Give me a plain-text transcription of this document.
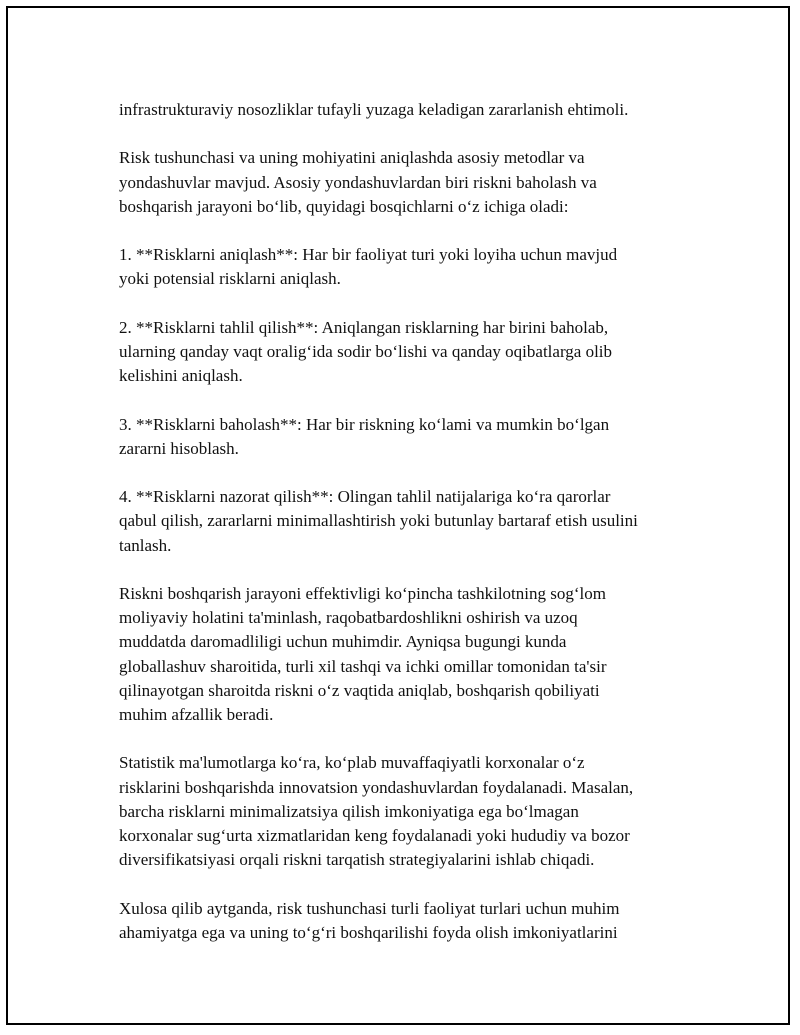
infrastrukturaviy nosozliklar tufayli yuzaga keladigan zararlanish ehtimoli.

Risk tushunchasi va uning mohiyatini aniqlashda asosiy metodlar va
yondashuvlar mavjud. Asosiy yondashuvlardan biri riskni baholash va
boshqarish jarayoni bo‘lib, quyidagi bosqichlarni o‘z ichiga oladi:

1. **Risklarni aniqlash**: Har bir faoliyat turi yoki loyiha uchun mavjud
yoki potensial risklarni aniqlash.

2. **Risklarni tahlil qilish**: Aniqlangan risklarning har birini baholab,
ularning qanday vaqt oralig‘ida sodir bo‘lishi va qanday oqibatlarga olib
kelishini aniqlash.

3. **Risklarni baholash**: Har bir riskning ko‘lami va mumkin bo‘lgan
zararni hisoblash.

4. **Risklarni nazorat qilish**: Olingan tahlil natijalariga ko‘ra qarorlar
qabul qilish, zararlarni minimallashtirish yoki butunlay bartaraf etish usulini
tanlash.

Riskni boshqarish jarayoni effektivligi ko‘pincha tashkilotning sog‘lom
moliyaviy holatini ta'minlash, raqobatbardoshlikni oshirish va uzoq
muddatda daromadliligi uchun muhimdir. Ayniqsa bugungi kunda
globallashuv sharoitida, turli xil tashqi va ichki omillar tomonidan ta'sir
qilinayotgan sharoitda riskni o‘z vaqtida aniqlab, boshqarish qobiliyati
muhim afzallik beradi.

Statistik ma'lumotlarga ko‘ra, ko‘plab muvaffaqiyatli korxonalar o‘z
risklarini boshqarishda innovatsion yondashuvlardan foydalanadi. Masalan,
barcha risklarni minimalizatsiya qilish imkoniyatiga ega bo‘lmagan
korxonalar sug‘urta xizmatlaridan keng foydalanadi yoki hududiy va bozor
diversifikatsiyasi orqali riskni tarqatish strategiyalarini ishlab chiqadi.

Xulosa qilib aytganda, risk tushunchasi turli faoliyat turlari uchun muhim
ahamiyatga ega va uning to‘g‘ri boshqarilishi foyda olish imkoniyatlarini
